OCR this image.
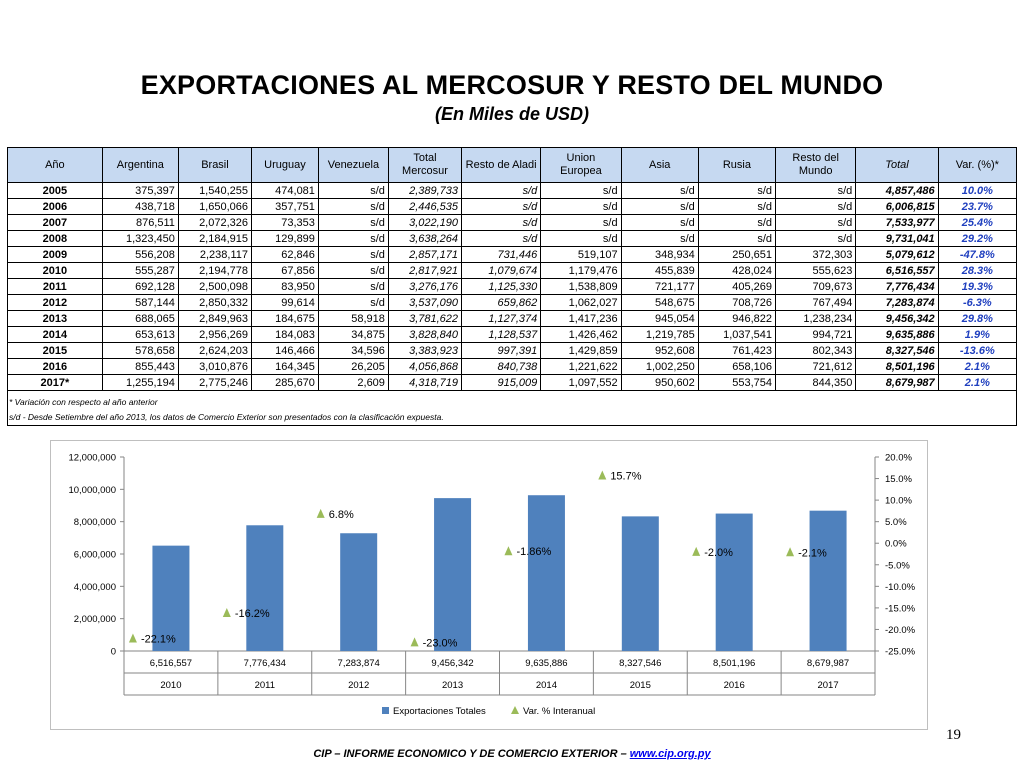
EXPORTACIONES AL MERCOSUR Y RESTO DEL MUNDO
(En Miles de USD)
Año	Argentina	Brasil	Uruguay	Venezuela	Total Mercosur	Resto de Aladi	Union Europea	Asia	Rusia	Resto del Mundo	Total	Var. (%)*
2005	375,397	1,540,255	474,081	s/d	2,389,733	s/d	s/d	s/d	s/d	s/d	4,857,486	10.0%
2006	438,718	1,650,066	357,751	s/d	2,446,535	s/d	s/d	s/d	s/d	s/d	6,006,815	23.7%
2007	876,511	2,072,326	73,353	s/d	3,022,190	s/d	s/d	s/d	s/d	s/d	7,533,977	25.4%
2008	1,323,450	2,184,915	129,899	s/d	3,638,264	s/d	s/d	s/d	s/d	s/d	9,731,041	29.2%
2009	556,208	2,238,117	62,846	s/d	2,857,171	731,446	519,107	348,934	250,651	372,303	5,079,612	-47.8%
2010	555,287	2,194,778	67,856	s/d	2,817,921	1,079,674	1,179,476	455,839	428,024	555,623	6,516,557	28.3%
2011	692,128	2,500,098	83,950	s/d	3,276,176	1,125,330	1,538,809	721,177	405,269	709,673	7,776,434	19.3%
2012	587,144	2,850,332	99,614	s/d	3,537,090	659,862	1,062,027	548,675	708,726	767,494	7,283,874	-6.3%
2013	688,065	2,849,963	184,675	58,918	3,781,622	1,127,374	1,417,236	945,054	946,822	1,238,234	9,456,342	29.8%
2014	653,613	2,956,269	184,083	34,875	3,828,840	1,128,537	1,426,462	1,219,785	1,037,541	994,721	9,635,886	1.9%
2015	578,658	2,624,203	146,466	34,596	3,383,923	997,391	1,429,859	952,608	761,423	802,343	8,327,546	-13.6%
2016	855,443	3,010,876	164,345	26,205	4,056,868	840,738	1,221,622	1,002,250	658,106	721,612	8,501,196	2.1%
2017*	1,255,194	2,775,246	285,670	2,609	4,318,719	915,009	1,097,552	950,602	553,754	844,350	8,679,987	2.1%
* Variación con respecto al año anterior
s/d - Desde Setiembre del año 2013, los datos de Comercio Exterior son presentados con la clasificación expuesta.
0
2,000,000
4,000,000
6,000,000
8,000,000
10,000,000
12,000,000	20.0%
15.0%
10.0%
5.0%
0.0%
-5.0%
-10.0%
-15.0%
-20.0%
-25.0%
6,516,557
2010
-22.1%
7,776,434
2011
-16.2%
7,283,874
2012
6.8%
9,456,342
2013
-23.0%
9,635,886
2014
-1.86%
8,327,546
2015
15.7%
8,501,196
2016
-2.0%
8,679,987
2017
-2.1%
Exportaciones Totales	Var. % Interanual
19
CIP – INFORME ECONOMICO Y DE COMERCIO EXTERIOR – www.cip.org.py
